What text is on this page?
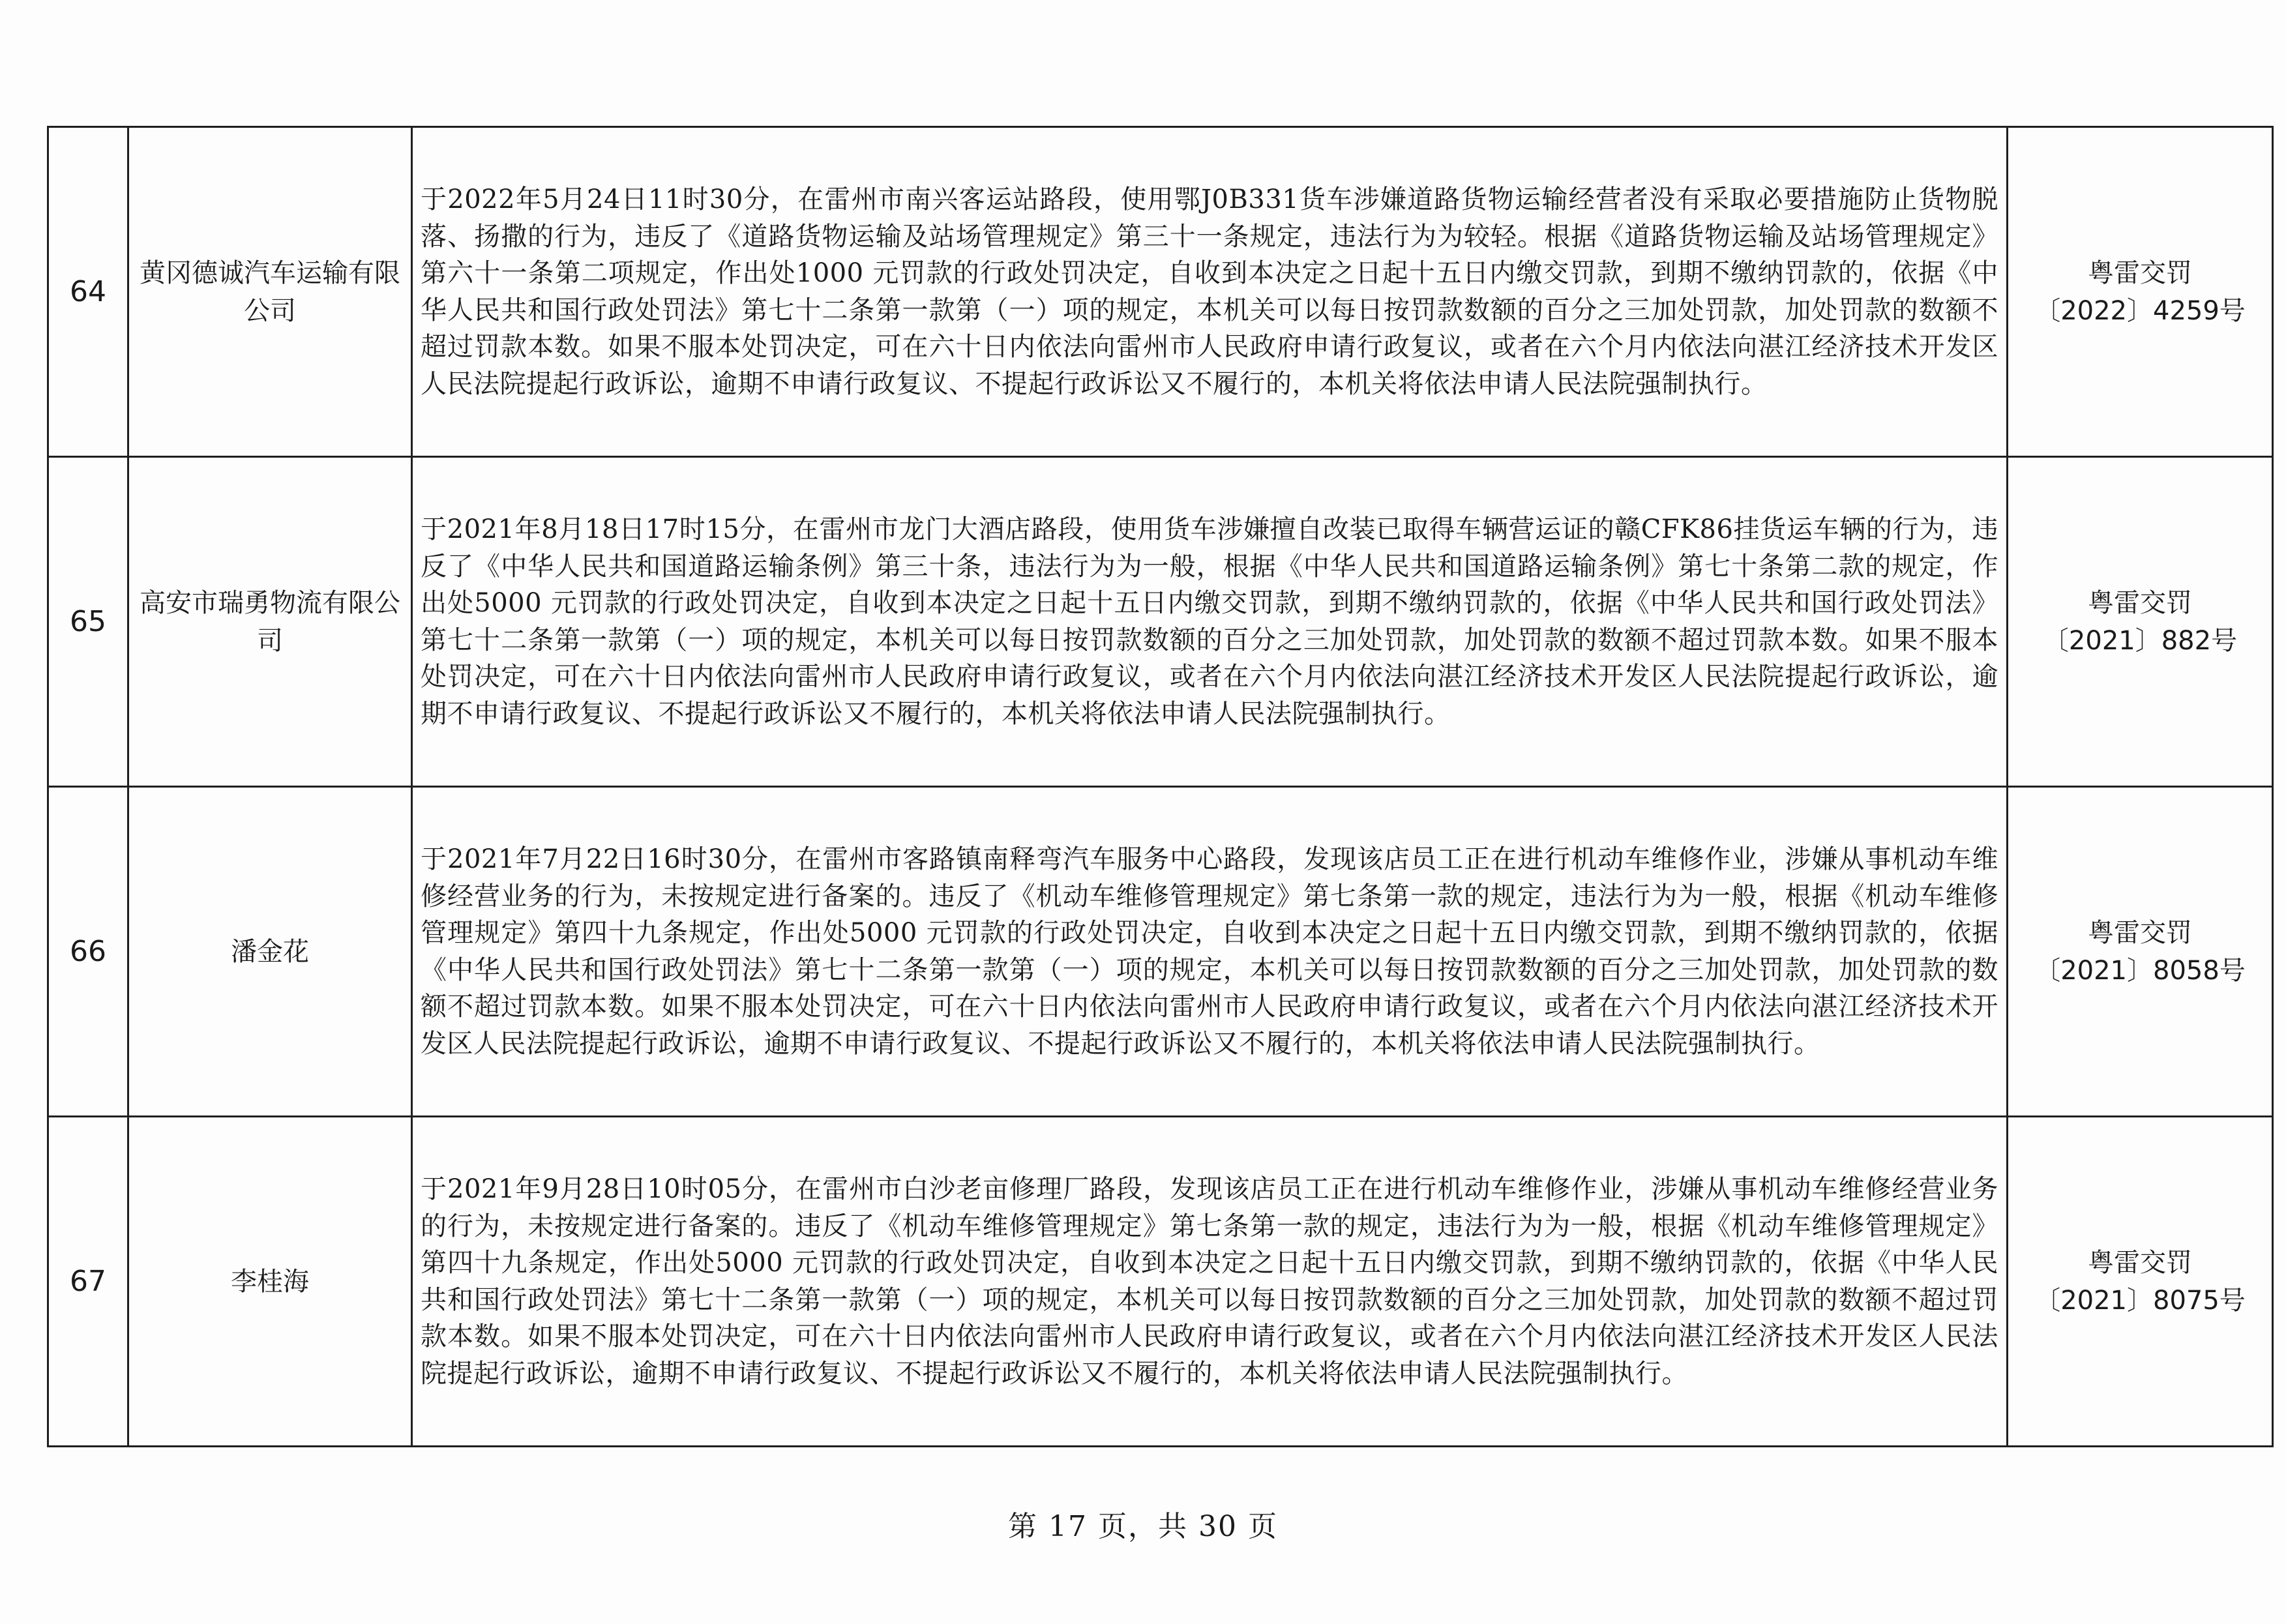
64	黄冈德诚汽车运输有限公司	于2022年5月24日11时30分，在雷州市南兴客运站路段，使用鄂J0B331货车涉嫌道路货物运输经营者没有采取必要措施防止货物脱落、扬撒的行为，违反了《道路货物运输及站场管理规定》第三十一条规定，违法行为为较轻。根据《道路货物运输及站场管理规定》第六十一条第二项规定，作出处1000 元罚款的行政处罚决定，自收到本决定之日起十五日内缴交罚款，到期不缴纳罚款的，依据《中华人民共和国行政处罚法》第七十二条第一款第（一）项的规定，本机关可以每日按罚款数额的百分之三加处罚款，加处罚款的数额不超过罚款本数。如果不服本处罚决定，可在六十日内依法向雷州市人民政府申请行政复议，或者在六个月内依法向湛江经济技术开发区人民法院提起行政诉讼，逾期不申请行政复议、不提起行政诉讼又不履行的，本机关将依法申请人民法院强制执行。	粤雷交罚
〔2022〕4259号

65	高安市瑞勇物流有限公司	于2021年8月18日17时15分，在雷州市龙门大酒店路段，使用货车涉嫌擅自改装已取得车辆营运证的赣CFK86挂货运车辆的行为，违反了《中华人民共和国道路运输条例》第三十条，违法行为为一般，根据《中华人民共和国道路运输条例》第七十条第二款的规定，作出处5000 元罚款的行政处罚决定，自收到本决定之日起十五日内缴交罚款，到期不缴纳罚款的，依据《中华人民共和国行政处罚法》第七十二条第一款第（一）项的规定，本机关可以每日按罚款数额的百分之三加处罚款，加处罚款的数额不超过罚款本数。如果不服本处罚决定，可在六十日内依法向雷州市人民政府申请行政复议，或者在六个月内依法向湛江经济技术开发区人民法院提起行政诉讼，逾期不申请行政复议、不提起行政诉讼又不履行的，本机关将依法申请人民法院强制执行。	粤雷交罚
〔2021〕882号

66	潘金花	于2021年7月22日16时30分，在雷州市客路镇南释弯汽车服务中心路段，发现该店员工正在进行机动车维修作业，涉嫌从事机动车维修经营业务的行为，未按规定进行备案的。违反了《机动车维修管理规定》第七条第一款的规定，违法行为为一般，根据《机动车维修管理规定》第四十九条规定，作出处5000 元罚款的行政处罚决定，自收到本决定之日起十五日内缴交罚款，到期不缴纳罚款的，依据《中华人民共和国行政处罚法》第七十二条第一款第（一）项的规定，本机关可以每日按罚款数额的百分之三加处罚款，加处罚款的数额不超过罚款本数。如果不服本处罚决定，可在六十日内依法向雷州市人民政府申请行政复议，或者在六个月内依法向湛江经济技术开发区人民法院提起行政诉讼，逾期不申请行政复议、不提起行政诉讼又不履行的，本机关将依法申请人民法院强制执行。	粤雷交罚
〔2021〕8058号

67	李桂海	于2021年9月28日10时05分，在雷州市白沙老亩修理厂路段，发现该店员工正在进行机动车维修作业，涉嫌从事机动车维修经营业务的行为，未按规定进行备案的。违反了《机动车维修管理规定》第七条第一款的规定，违法行为为一般，根据《机动车维修管理规定》第四十九条规定，作出处5000 元罚款的行政处罚决定，自收到本决定之日起十五日内缴交罚款，到期不缴纳罚款的，依据《中华人民共和国行政处罚法》第七十二条第一款第（一）项的规定，本机关可以每日按罚款数额的百分之三加处罚款，加处罚款的数额不超过罚款本数。如果不服本处罚决定，可在六十日内依法向雷州市人民政府申请行政复议，或者在六个月内依法向湛江经济技术开发区人民法院提起行政诉讼，逾期不申请行政复议、不提起行政诉讼又不履行的，本机关将依法申请人民法院强制执行。	粤雷交罚
〔2021〕8075号
第 17 页，共 30 页
